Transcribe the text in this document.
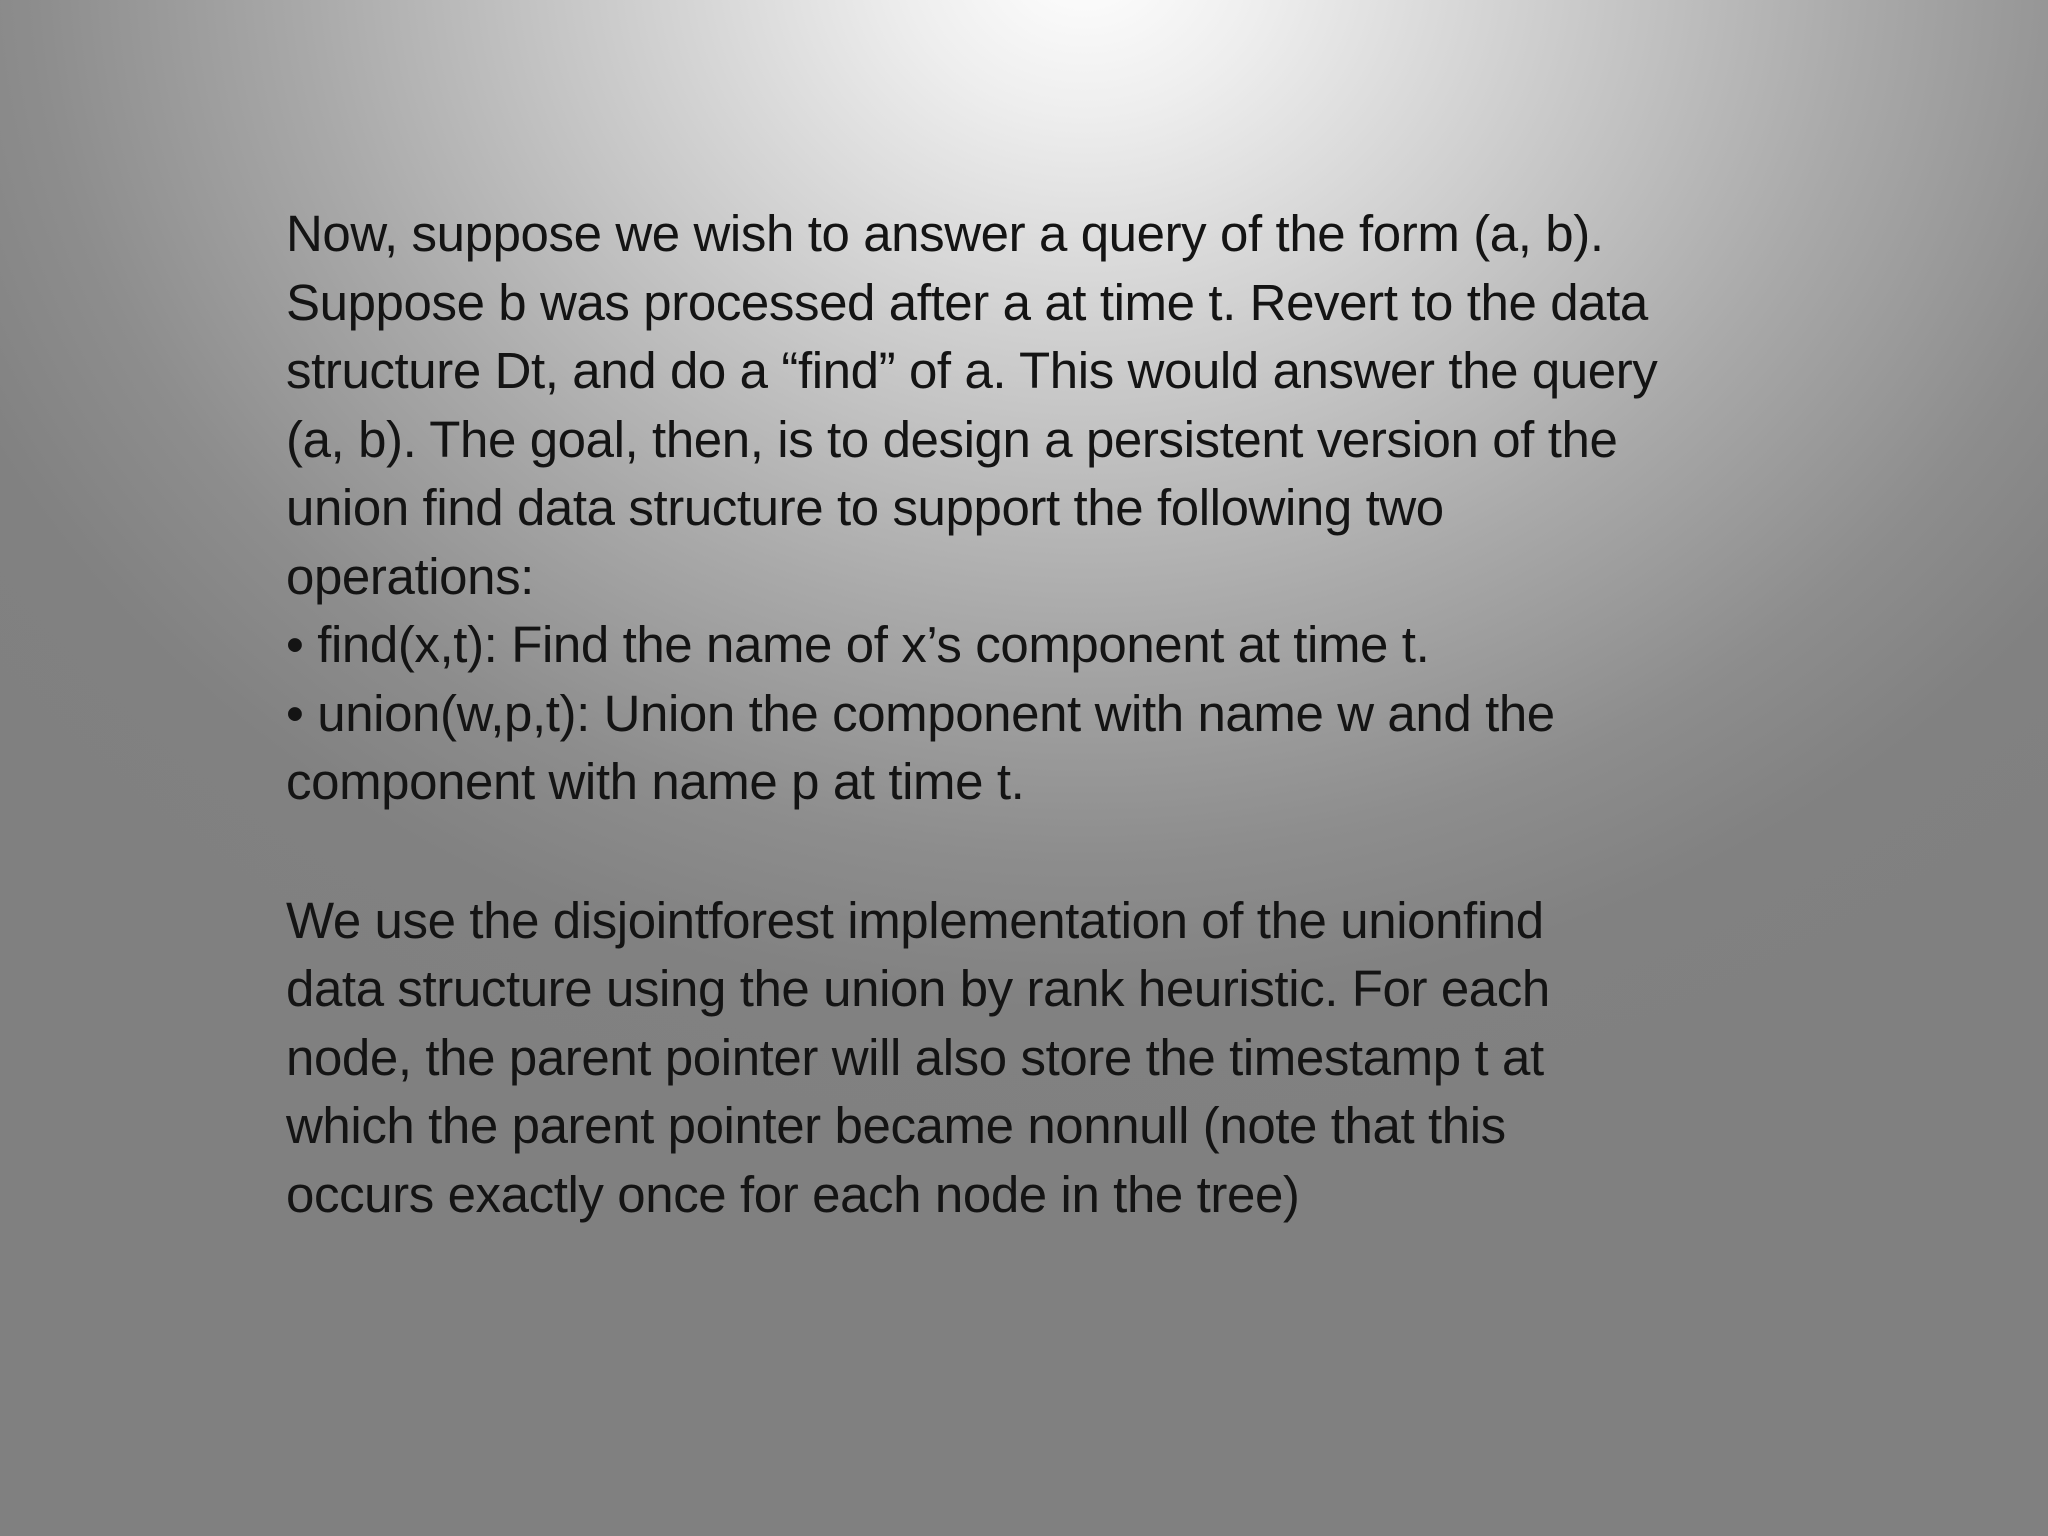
Now, suppose we wish to answer a query of the form (a, b).
Suppose b was processed after a at time t. Revert to the data
structure Dt, and do a “find” of a. This would answer the query
(a, b). The goal, then, is to design a persistent version of the
union find data structure to support the following two
operations:
• find(x,t): Find the name of x’s component at time t.
• union(w,p,t): Union the component with name w and the
component with name p at time t.

We use the disjointforest implementation of the unionfind
data structure using the union by rank heuristic. For each
node, the parent pointer will also store the timestamp t at
which the parent pointer became nonnull (note that this
occurs exactly once for each node in the tree)
